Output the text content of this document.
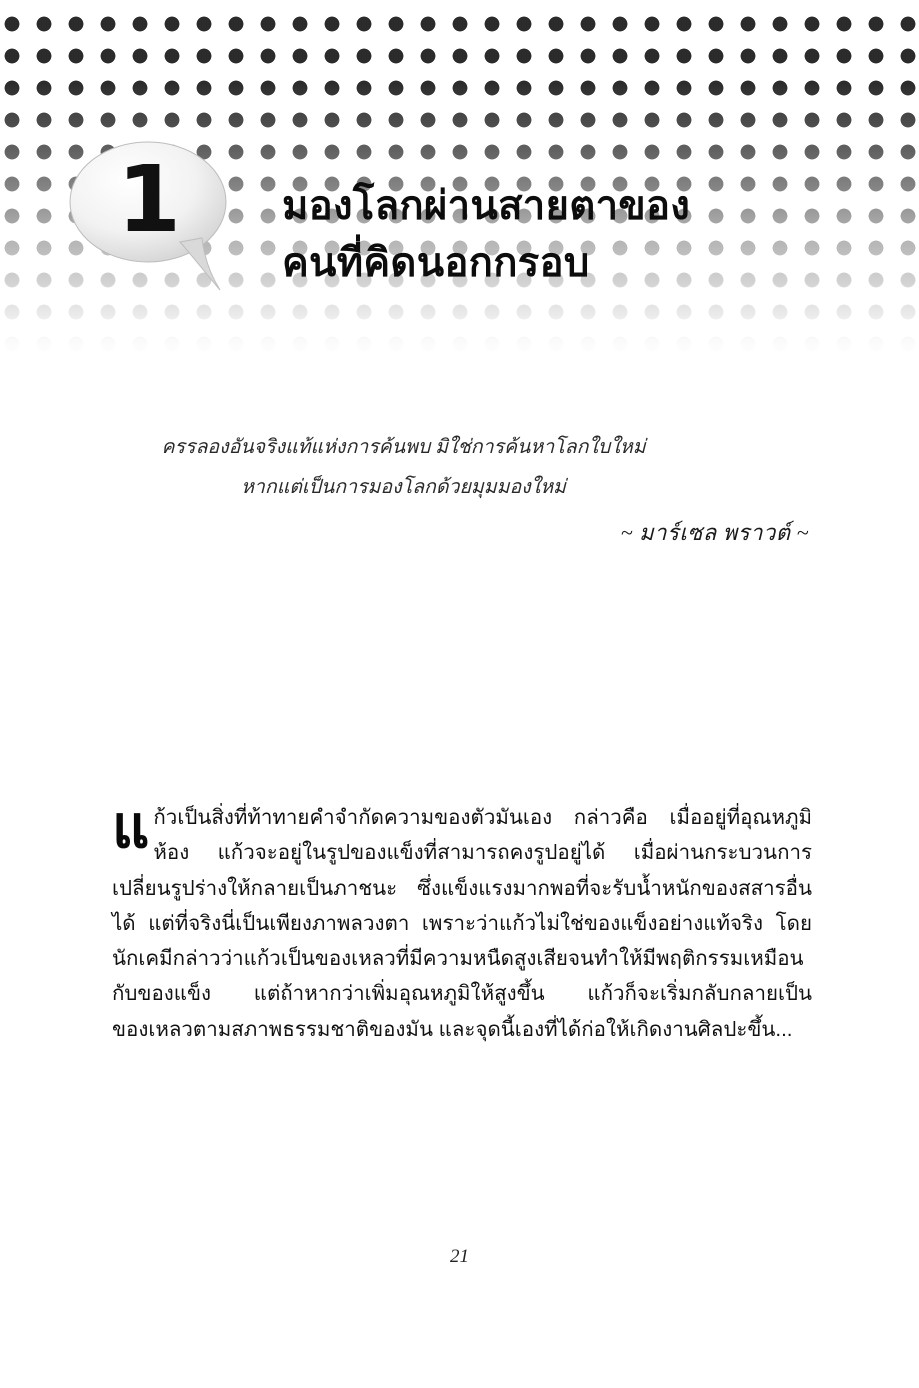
1	มองโลกผ่านสายตาของ
คนที่คิดนอกกรอบ
ครรลองอันจริงแท้แห่งการค้นพบ มิใช่การค้นหาโลกใบใหม่
หากแต่เป็นการมองโลกด้วยมุมมองใหม่
~ มาร์เซล พราวต์ ~
แก้วเป็นสิ่งที่ท้าทายคำจำกัดความของตัวมันเอง กล่าวคือ เมื่ออยู่ที่อุณหภูมิห้อง แก้วจะอยู่ในรูปของแข็งที่สามารถคงรูปอยู่ได้ เมื่อผ่านกระบวนการเปลี่ยนรูปร่างให้กลายเป็นภาชนะ ซึ่งแข็งแรงมากพอที่จะรับน้ำหนักของสสารอื่นได้ แต่ที่จริงนี่เป็นเพียงภาพลวงตา เพราะว่าแก้วไม่ใช่ของแข็งอย่างแท้จริง โดยนักเคมีกล่าวว่าแก้วเป็นของเหลวที่มีความหนืดสูงเสียจนทำให้มีพฤติกรรมเหมือนกับของแข็ง แต่ถ้าหากว่าเพิ่มอุณหภูมิให้สูงขึ้น แก้วก็จะเริ่มกลับกลายเป็นของเหลวตามสภาพธรรมชาติของมัน และจุดนี้เองที่ได้ก่อให้เกิดงานศิลปะขึ้น...
21
